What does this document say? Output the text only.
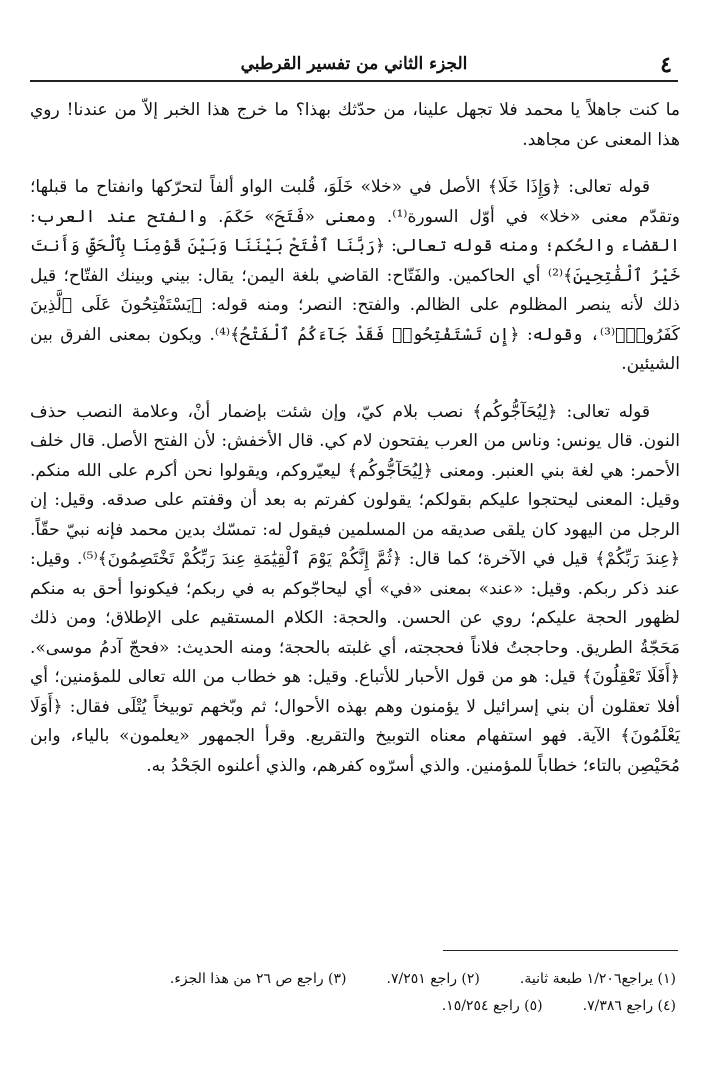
٤
الجزء الثاني من تفسير القرطبي

ما كنت جاهلاً يا محمد فلا تجهل علينا، من حدّثك بهذا؟ ما خرج هذا الخبر إلاّ من عندنا! روي هذا المعنى عن مجاهد.

قوله تعالى: ﴿وَإِذَا خَلَا﴾ الأصل في «خلا» خَلَوَ، قُلبت الواو ألفاً لتحرّكها وانفتاح ما قبلها؛ وتقدّم معنى «خلا» في أوّل السورة⁽¹⁾. ومعنى «فَتَحَ» حَكَمَ. والفتح عند العرب: القضاء والحُكم؛ ومنه قوله تعالى: ﴿رَبَّنَا ٱفْتَحْ بَيْنَنَا وَبَيْنَ قَوْمِنَا بِٱلْحَقِّ وَأَنتَ خَيْرُ ٱلْفَٰتِحِينَ﴾⁽²⁾ أي الحاكمين. والفَتّاح: القاضي بلغة اليمن؛ يقال: بيني وبينك الفتّاح؛ قيل ذلك لأنه ينصر المظلوم على الظالم. والفتح: النصر؛ ومنه قوله: ﴿يَسْتَفْتِحُونَ عَلَى ٱلَّذِينَ كَفَرُوا۟﴾⁽³⁾، وقوله: ﴿إِن تَسْتَفْتِحُوا۟ فَقَدْ جَآءَكُمُ ٱلْفَتْحُ﴾⁽⁴⁾. ويكون بمعنى الفرق بين الشيئين.

قوله تعالى: ﴿لِيُحَآجُّوكُم﴾ نصب بلام كيّ، وإن شئت بإضمار أنْ، وعلامة النصب حذف النون. قال يونس: وناس من العرب يفتحون لام كي. قال الأخفش: لأن الفتح الأصل. قال خلف الأحمر: هي لغة بني العنبر. ومعنى ﴿لِيُحَآجُّوكُم﴾ ليعيّروكم، ويقولوا نحن أكرم على الله منكم. وقيل: المعنى ليحتجوا عليكم بقولكم؛ يقولون كفرتم به بعد أن وقفتم على صدقه. وقيل: إن الرجل من اليهود كان يلقى صديقه من المسلمين فيقول له: تمسّك بدين محمد فإنه نبيّ حقّاً. ﴿عِندَ رَبِّكُمْ﴾ قيل في الآخرة؛ كما قال: ﴿ثُمَّ إِنَّكُمْ يَوْمَ ٱلْقِيَٰمَةِ عِندَ رَبِّكُمْ تَخْتَصِمُونَ﴾⁽⁵⁾. وقيل: عند ذكر ربكم. وقيل: «عند» بمعنى «في» أي ليحاجّوكم به في ربكم؛ فيكونوا أحق به منكم لظهور الحجة عليكم؛ روي عن الحسن. والحجة: الكلام المستقيم على الإطلاق؛ ومن ذلك مَحَجّةُ الطريق. وحاججتُ فلاناً فحججته، أي غلبته بالحجة؛ ومنه الحديث: «فحجّ آدمُ موسى». ﴿أَفَلَا تَعْقِلُونَ﴾ قيل: هو من قول الأحبار للأتباع. وقيل: هو خطاب من الله تعالى للمؤمنين؛ أي أفلا تعقلون أن بني إسرائيل لا يؤمنون وهم بهذه الأحوال؛ ثم وبّخهم توبيخاً يُتْلَى فقال: ﴿أَوَلَا يَعْلَمُونَ﴾ الآية. فهو استفهام معناه التوبيخ والتقريع. وقرأ الجمهور «يعلمون» بالياء، وابن مُحَيْصِن بالتاء؛ خطاباً للمؤمنين. والذي أسرّوه كفرهم، والذي أعلنوه الجَحْدُ به.

(١) يراجع١/٢٠٦ طبعة ثانية.
(٢) راجع ٧/٢٥١.
(٣) راجع ص ٢٦ من هذا الجزء.
(٤) راجع ٧/٣٨٦.
(٥) راجع ١٥/٢٥٤.
